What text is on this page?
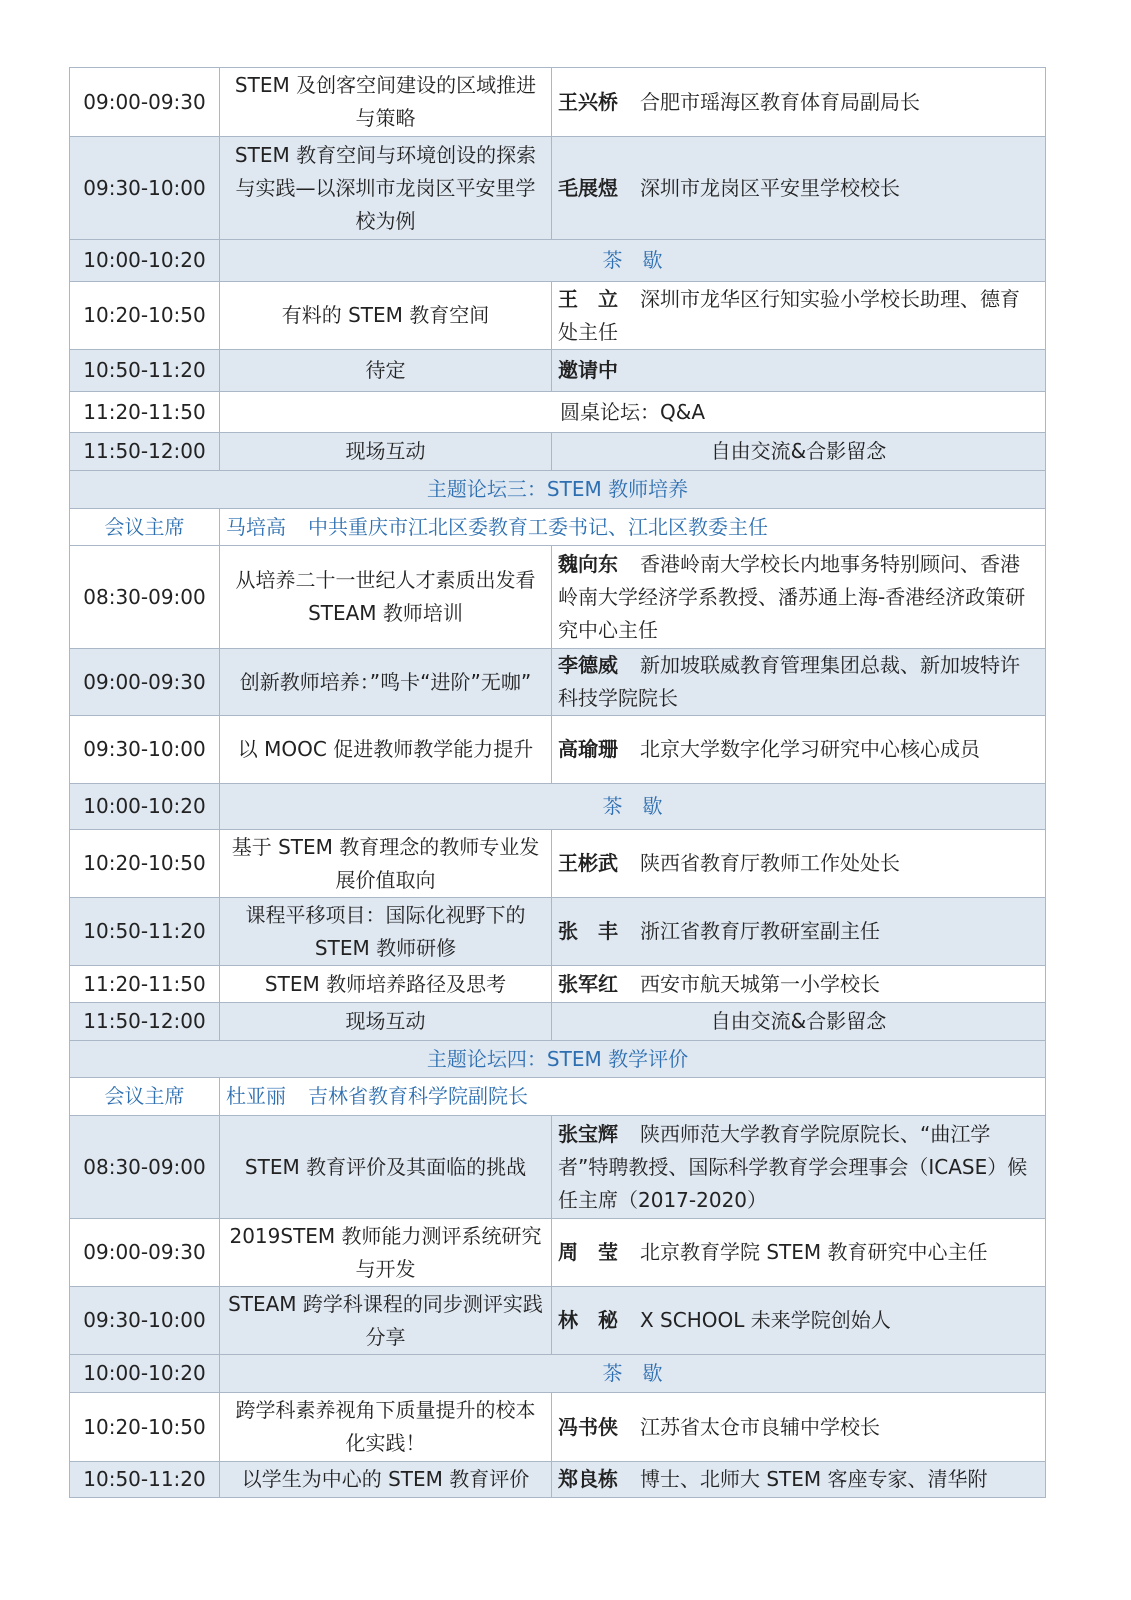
09:00-09:30	STEM 及创客空间建设的区域推进与策略	王兴桥 合肥市瑶海区教育体育局副局长
09:30-10:00	STEM 教育空间与环境创设的探索与实践—以深圳市龙岗区平安里学校为例	毛展煜 深圳市龙岗区平安里学校校长
10:00-10:20	茶　歇	
10:20-10:50	有料的 STEM 教育空间	王　立 深圳市龙华区行知实验小学校长助理、德育处主任
10:50-11:20	待定	邀请中
11:20-11:50	圆桌论坛：Q&A	
11:50-12:00	现场互动	自由交流&合影留念
主题论坛三：STEM 教师培养		
会议主席	马培高 中共重庆市江北区委教育工委书记、江北区教委主任	
08:30-09:00	从培养二十一世纪人才素质出发看 STEAM 教师培训	魏向东 香港岭南大学校长内地事务特别顾问、香港岭南大学经济学系教授、潘苏通上海-香港经济政策研究中心主任
09:00-09:30	创新教师培养：”鸣卡“进阶”无咖”	李德威 新加坡联威教育管理集团总裁、新加坡特许科技学院院长
09:30-10:00	以 MOOC 促进教师教学能力提升	高瑜珊 北京大学数字化学习研究中心核心成员
10:00-10:20	茶　歇	
10:20-10:50	基于 STEM 教育理念的教师专业发展价值取向	王彬武 陕西省教育厅教师工作处处长
10:50-11:20	课程平移项目：国际化视野下的 STEM 教师研修	张　丰 浙江省教育厅教研室副主任
11:20-11:50	STEM 教师培养路径及思考	张军红 西安市航天城第一小学校长
11:50-12:00	现场互动	自由交流&合影留念
主题论坛四：STEM 教学评价		
会议主席	杜亚丽 吉林省教育科学院副院长	
08:30-09:00	STEM 教育评价及其面临的挑战	张宝辉 陕西师范大学教育学院原院长、“曲江学者”特聘教授、国际科学教育学会理事会（ICASE）候任主席（2017-2020）
09:00-09:30	2019STEM 教师能力测评系统研究与开发	周　莹 北京教育学院 STEM 教育研究中心主任
09:30-10:00	STEAM 跨学科课程的同步测评实践分享	林　秘 X SCHOOL 未来学院创始人
10:00-10:20	茶　歇	
10:20-10:50	跨学科素养视角下质量提升的校本化实践！	冯书侠 江苏省太仓市良辅中学校长
10:50-11:20	以学生为中心的 STEM 教育评价	郑良栋 博士、北师大 STEM 客座专家、清华附
